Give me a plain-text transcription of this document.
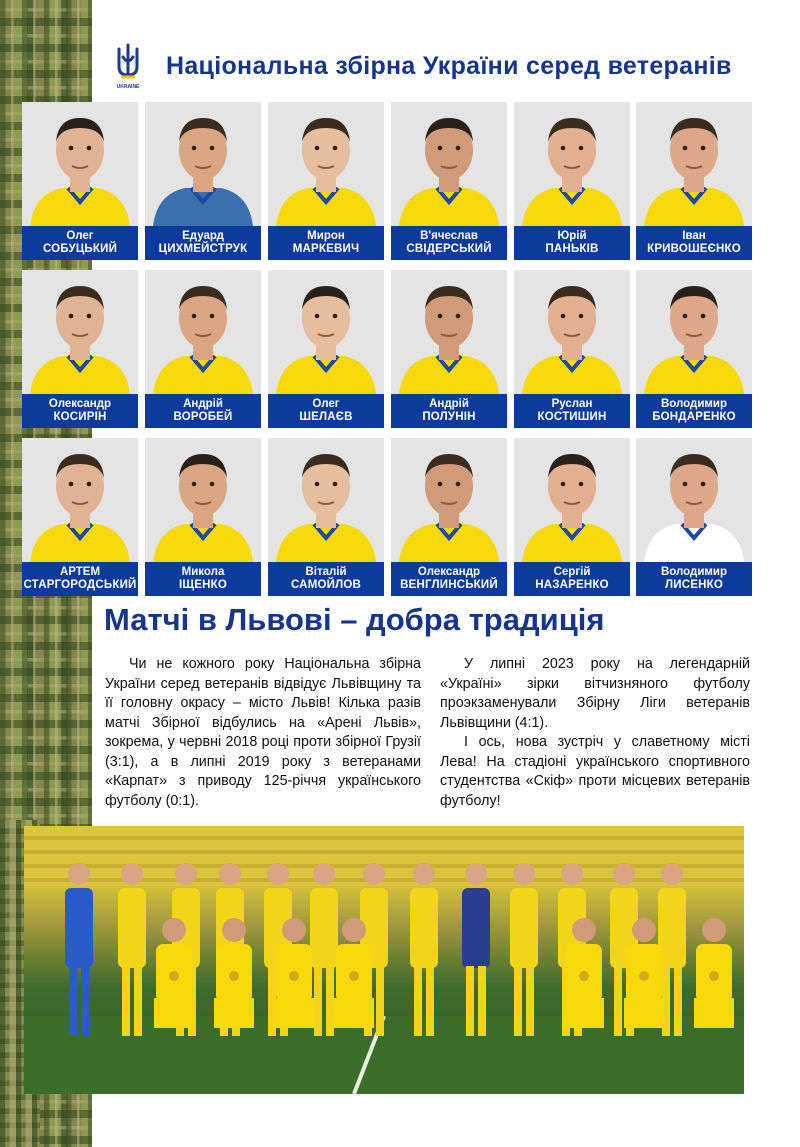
UKRAINE
Національна збірна України серед ветеранів
Олег
СОБУЦЬКИЙ
Едуард
ЦИХМЕЙСТРУК
Мирон
МАРКЕВИЧ
В'ячеслав
СВІДЕРСЬКИЙ
Юрій
ПАНЬКІВ
Іван
КРИВОШЕЄНКО
Олександр
КОСИРІН
Андрій
ВОРОБЕЙ
Олег
ШЕЛАЄВ
Андрій
ПОЛУНІН
Руслан
КОСТИШИН
Володимир
БОНДАРЕНКО
АРТЕМ
СТАРГОРОДСЬКИЙ
Микола
ІЩЕНКО
Віталій
САМОЙЛОВ
Олександр
ВЕНГЛИНСЬКИЙ
Сергій
НАЗАРЕНКО
Володимир
ЛИСЕНКО
Матчі в Львові – добра традиція

Чи не кожного року Національна збірна України серед ветеранів відвідує Львівщину та її головну окрасу – місто Львів! Кількa разів матчі Збірної відбулись на «Арені Львів», зокрема, у червні 2018 році проти збірної Грузії (3:1), а в липні 2019 року з ветеранами «Карпат» з приводу 125-річчя українського футболу (0:1).

У липні 2023 року на легендарній «Україні» зірки вітчизняного футболу проэкзаменували Збірну Ліги ветеранів Львівщини (4:1).

І ось, нова зустріч у славетному місті Лева! На стадіоні українського спортивного студентства «Скіф» проти місцевих ветеранів футболу!
